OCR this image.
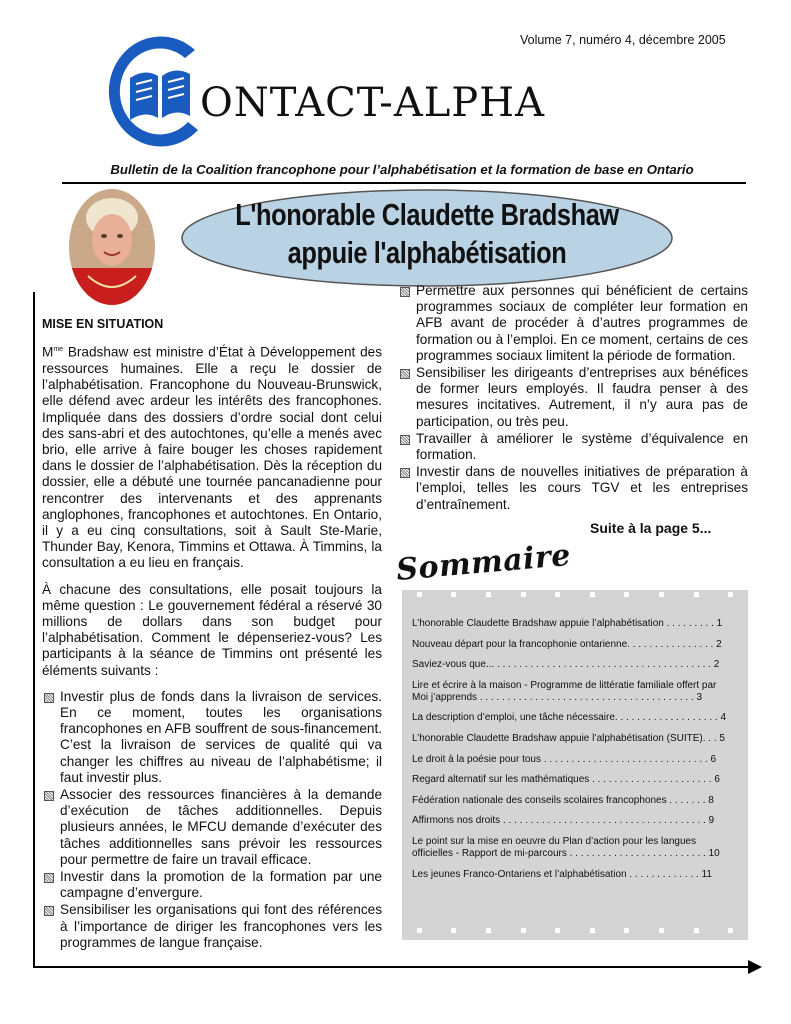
Volume 7, numéro 4, décembre 2005
ONTACT-ALPHA
Bulletin de la Coalition francophone pour l’alphabétisation et la formation de base en Ontario
L'honorable Claudette Bradshaw
appuie l'alphabétisation
MISE EN SITUATION

$M^{me}$ Bradshaw est ministre d’État à Développement des ressources humaines. Elle a reçu le dossier de l’alphabétisation. Francophone du Nouveau-Brunswick, elle défend avec ardeur les intérêts des francophones. Impliquée dans des dossiers d’ordre social dont celui des sans-abri et des autochtones, qu’elle a menés avec brio, elle arrive à faire bouger les choses rapidement dans le dossier de l’alphabétisation. Dès la réception du dossier, elle a débuté une tournée pancanadienne pour rencontrer des intervenants et des apprenants anglophones, francophones et autochtones. En Ontario, il y a eu cinq consultations, soit à Sault Ste-Marie, Thunder Bay, Kenora, Timmins et Ottawa. À Timmins, la consultation a eu lieu en français.

À chacune des consultations, elle posait toujours la même question : Le gouvernement fédéral a réservé 30 millions de dollars dans son budget pour l’alphabétisation. Comment le dépenseriez-vous? Les participants à la séance de Timmins ont présenté les éléments suivants :

Investir plus de fonds dans la livraison de services. En ce moment, toutes les organisations francophones en AFB souffrent de sous-financement. C’est la livraison de services de qualité qui va changer les chiffres au niveau de l’alphabétisme; il faut investir plus.
Associer des ressources financières à la demande d’exécution de tâches additionnelles. Depuis plusieurs années, le MFCU demande d’exécuter des tâches additionnelles sans prévoir les ressources pour permettre de faire un travail efficace.
Investir dans la promotion de la formation par une campagne d’envergure.
Sensibiliser les organisations qui font des références à l’importance de diriger les francophones vers les programmes de langue française.
Permettre aux personnes qui bénéficient de certains programmes sociaux de compléter leur formation en AFB avant de procéder à d’autres programmes de formation ou à l’emploi. En ce moment, certains de ces programmes sociaux limitent la période de formation.
Sensibiliser les dirigeants d’entreprises aux bénéfices de former leurs employés. Il faudra penser à des mesures incitatives. Autrement, il n’y aura pas de participation, ou très peu.
Travailler à améliorer le système d’équivalence en formation.
Investir dans de nouvelles initiatives de préparation à l’emploi, telles les cours TGV et les entreprises d’entraînement.
Suite à la page 5...
Sommaire
L’honorable Claudette Bradshaw appuie l’alphabétisation . . . . . . . . . 1
Nouveau départ pour la francophonie ontarienne. . . . . . . . . . . . . . . . 2
Saviez-vous que... . . . . . . . . . . . . . . . . . . . . . . . . . . . . . . . . . . . . . . . 2
Lire et écrire à la maison - Programme de littératie familiale offert par Moi j’apprends . . . . . . . . . . . . . . . . . . . . . . . . . . . . . . . . . . . . . . . 3
La description d’emploi, une tâche nécessaire. . . . . . . . . . . . . . . . . . . 4
L’honorable Claudette Bradshaw appuie l’alphabétisation (SUITE). . . 5
Le droit à la poésie pour tous . . . . . . . . . . . . . . . . . . . . . . . . . . . . . . 6
Regard alternatif sur les mathématiques . . . . . . . . . . . . . . . . . . . . . . 6
Fédération nationale des conseils scolaires francophones . . . . . . . 8
Affirmons nos droits . . . . . . . . . . . . . . . . . . . . . . . . . . . . . . . . . . . . . 9
Le point sur la mise en oeuvre du Plan d’action pour les langues officielles - Rapport de mi-parcours . . . . . . . . . . . . . . . . . . . . . . . . . 10
Les jeunes Franco-Ontariens et l’alphabétisation . . . . . . . . . . . . . 11
